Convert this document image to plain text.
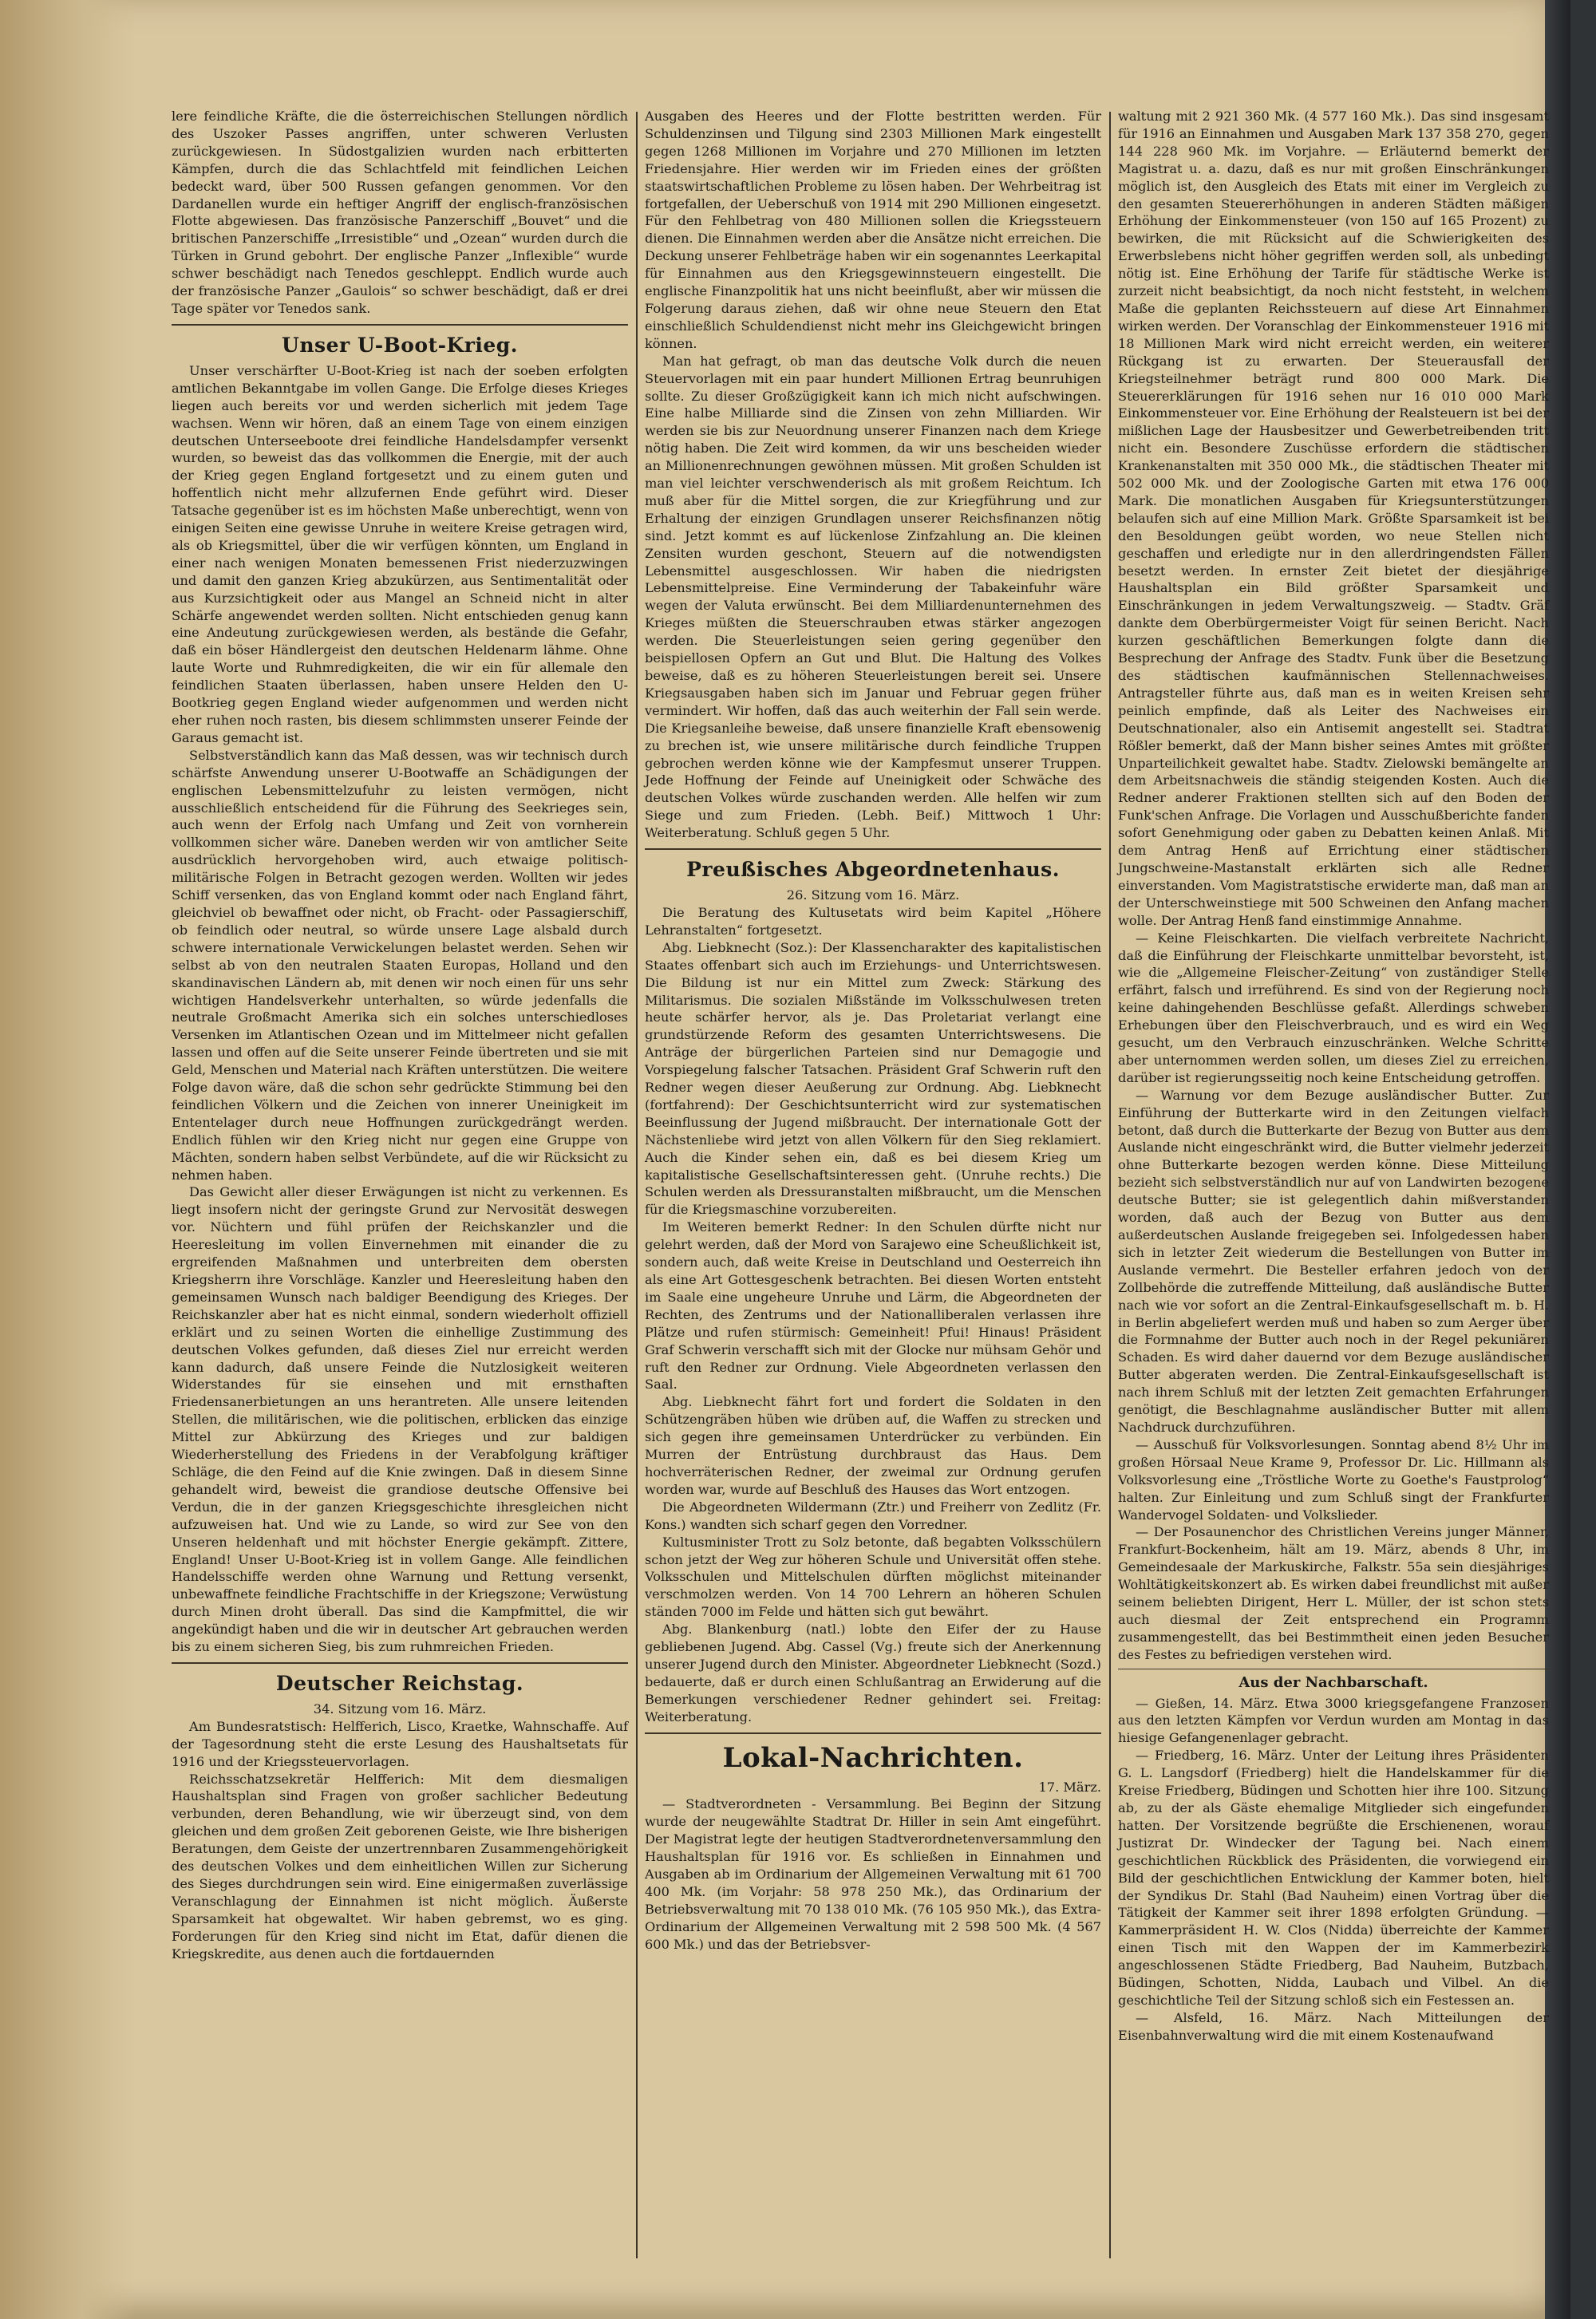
lere feindliche Kräfte, die die österreichischen Stellungen nördlich des Uszoker Passes angriffen, unter schweren Verlusten zurückgewiesen. In Südostgalizien wurden nach erbitterten Kämpfen, durch die das Schlachtfeld mit feindlichen Leichen bedeckt ward, über 500 Russen gefangen genommen. Vor den Dardanellen wurde ein heftiger Angriff der englisch-französischen Flotte abgewiesen. Das französische Panzerschiff „Bouvet“ und die britischen Panzerschiffe „Irresistible“ und „Ozean“ wurden durch die Türken in Grund gebohrt. Der englische Panzer „Inflexible“ wurde schwer beschädigt nach Tenedos geschleppt. Endlich wurde auch der französische Panzer „Gaulois“ so schwer beschädigt, daß er drei Tage später vor Tenedos sank.

Unser U-Boot-Krieg.

Unser verschärfter U-Boot-Krieg ist nach der soeben erfolgten amtlichen Bekanntgabe im vollen Gange. Die Erfolge dieses Krieges liegen auch bereits vor und werden sicherlich mit jedem Tage wachsen. Wenn wir hören, daß an einem Tage von einem einzigen deutschen Unterseeboote drei feindliche Handelsdampfer versenkt wurden, so beweist das das vollkommen die Energie, mit der auch der Krieg gegen England fortgesetzt und zu einem guten und hoffentlich nicht mehr allzufernen Ende geführt wird. Dieser Tatsache gegenüber ist es im höchsten Maße unberechtigt, wenn von einigen Seiten eine gewisse Unruhe in weitere Kreise getragen wird, als ob Kriegsmittel, über die wir verfügen könnten, um England in einer nach wenigen Monaten bemessenen Frist niederzuzwingen und damit den ganzen Krieg abzukürzen, aus Sentimentalität oder aus Kurzsichtigkeit oder aus Mangel an Schneid nicht in alter Schärfe angewendet werden sollten. Nicht entschieden genug kann eine Andeutung zurückgewiesen werden, als bestände die Gefahr, daß ein böser Händlergeist den deutschen Heldenarm lähme. Ohne laute Worte und Ruhmredigkeiten, die wir ein für allemale den feindlichen Staaten überlassen, haben unsere Helden den U-Bootkrieg gegen England wieder aufgenommen und werden nicht eher ruhen noch rasten, bis diesem schlimmsten unserer Feinde der Garaus gemacht ist.

Selbstverständlich kann das Maß dessen, was wir technisch durch schärfste Anwendung unserer U-Bootwaffe an Schädigungen der englischen Lebensmittelzufuhr zu leisten vermögen, nicht ausschließlich entscheidend für die Führung des Seekrieges sein, auch wenn der Erfolg nach Umfang und Zeit von vornherein vollkommen sicher wäre. Daneben werden wir von amtlicher Seite ausdrücklich hervorgehoben wird, auch etwaige politisch-militärische Folgen in Betracht gezogen werden. Wollten wir jedes Schiff versenken, das von England kommt oder nach England fährt, gleichviel ob bewaffnet oder nicht, ob Fracht- oder Passagierschiff, ob feindlich oder neutral, so würde unsere Lage alsbald durch schwere internationale Verwickelungen belastet werden. Sehen wir selbst ab von den neutralen Staaten Europas, Holland und den skandinavischen Ländern ab, mit denen wir noch einen für uns sehr wichtigen Handelsverkehr unterhalten, so würde jedenfalls die neutrale Großmacht Amerika sich ein solches unterschiedloses Versenken im Atlantischen Ozean und im Mittelmeer nicht gefallen lassen und offen auf die Seite unserer Feinde übertreten und sie mit Geld, Menschen und Material nach Kräften unterstützen. Die weitere Folge davon wäre, daß die schon sehr gedrückte Stimmung bei den feindlichen Völkern und die Zeichen von innerer Uneinigkeit im Ententelager durch neue Hoffnungen zurückgedrängt werden. Endlich fühlen wir den Krieg nicht nur gegen eine Gruppe von Mächten, sondern haben selbst Verbündete, auf die wir Rücksicht zu nehmen haben.

Das Gewicht aller dieser Erwägungen ist nicht zu verkennen. Es liegt insofern nicht der geringste Grund zur Nervosität deswegen vor. Nüchtern und fühl prüfen der Reichskanzler und die Heeresleitung im vollen Einvernehmen mit einander die zu ergreifenden Maßnahmen und unterbreiten dem obersten Kriegsherrn ihre Vorschläge. Kanzler und Heeresleitung haben den gemeinsamen Wunsch nach baldiger Beendigung des Krieges. Der Reichskanzler aber hat es nicht einmal, sondern wiederholt offiziell erklärt und zu seinen Worten die einhellige Zustimmung des deutschen Volkes gefunden, daß dieses Ziel nur erreicht werden kann dadurch, daß unsere Feinde die Nutzlosigkeit weiteren Widerstandes für sie einsehen und mit ernsthaften Friedensanerbietungen an uns herantreten. Alle unsere leitenden Stellen, die militärischen, wie die politischen, erblicken das einzige Mittel zur Abkürzung des Krieges und zur baldigen Wiederherstellung des Friedens in der Verabfolgung kräftiger Schläge, die den Feind auf die Knie zwingen. Daß in diesem Sinne gehandelt wird, beweist die grandiose deutsche Offensive bei Verdun, die in der ganzen Kriegsgeschichte ihresgleichen nicht aufzuweisen hat. Und wie zu Lande, so wird zur See von den Unseren heldenhaft und mit höchster Energie gekämpft. Zittere, England! Unser U-Boot-Krieg ist in vollem Gange. Alle feindlichen Handelsschiffe werden ohne Warnung und Rettung versenkt, unbewaffnete feindliche Frachtschiffe in der Kriegszone; Verwüstung durch Minen droht überall. Das sind die Kampfmittel, die wir angekündigt haben und die wir in deutscher Art gebrauchen werden bis zu einem sicheren Sieg, bis zum ruhmreichen Frieden.

Deutscher Reichstag.

34. Sitzung vom 16. März.

Am Bundesratstisch: Helfferich, Lisco, Kraetke, Wahnschaffe. Auf der Tagesordnung steht die erste Lesung des Haushaltsetats für 1916 und der Kriegssteuervorlagen.

Reichsschatzsekretär Helfferich: Mit dem diesmaligen Haushaltsplan sind Fragen von großer sachlicher Bedeutung verbunden, deren Behandlung, wie wir überzeugt sind, von dem gleichen und dem großen Zeit geborenen Geiste, wie Ihre bisherigen Beratungen, dem Geiste der unzertrennbaren Zusammengehörigkeit des deutschen Volkes und dem einheitlichen Willen zur Sicherung des Sieges durchdrungen sein wird. Eine einigermaßen zuverlässige Veranschlagung der Einnahmen ist nicht möglich. Äußerste Sparsamkeit hat obgewaltet. Wir haben gebremst, wo es ging. Forderungen für den Krieg sind nicht im Etat, dafür dienen die Kriegskredite, aus denen auch die fortdauernden

Ausgaben des Heeres und der Flotte bestritten werden. Für Schuldenzinsen und Tilgung sind 2303 Millionen Mark eingestellt gegen 1268 Millionen im Vorjahre und 270 Millionen im letzten Friedensjahre. Hier werden wir im Frieden eines der größten staatswirtschaftlichen Probleme zu lösen haben. Der Wehrbeitrag ist fortgefallen, der Ueberschuß von 1914 mit 290 Millionen eingesetzt. Für den Fehlbetrag von 480 Millionen sollen die Kriegssteuern dienen. Die Einnahmen werden aber die Ansätze nicht erreichen. Die Deckung unserer Fehlbeträge haben wir ein sogenanntes Leerkapital für Einnahmen aus den Kriegsgewinnsteuern eingestellt. Die englische Finanzpolitik hat uns nicht beeinflußt, aber wir müssen die Folgerung daraus ziehen, daß wir ohne neue Steuern den Etat einschließlich Schuldendienst nicht mehr ins Gleichgewicht bringen können.

Man hat gefragt, ob man das deutsche Volk durch die neuen Steuervorlagen mit ein paar hundert Millionen Ertrag beunruhigen sollte. Zu dieser Großzügigkeit kann ich mich nicht aufschwingen. Eine halbe Milliarde sind die Zinsen von zehn Milliarden. Wir werden sie bis zur Neuordnung unserer Finanzen nach dem Kriege nötig haben. Die Zeit wird kommen, da wir uns bescheiden wieder an Millionenrechnungen gewöhnen müssen. Mit großen Schulden ist man viel leichter verschwenderisch als mit großem Reichtum. Ich muß aber für die Mittel sorgen, die zur Kriegführung und zur Erhaltung der einzigen Grundlagen unserer Reichsfinanzen nötig sind. Jetzt kommt es auf lückenlose Zinfzahlung an. Die kleinen Zensiten wurden geschont, Steuern auf die notwendigsten Lebensmittel ausgeschlossen. Wir haben die niedrigsten Lebensmittelpreise. Eine Verminderung der Tabakeinfuhr wäre wegen der Valuta erwünscht. Bei dem Milliardenunternehmen des Krieges müßten die Steuerschrauben etwas stärker angezogen werden. Die Steuerleistungen seien gering gegenüber den beispiellosen Opfern an Gut und Blut. Die Haltung des Volkes beweise, daß es zu höheren Steuerleistungen bereit sei. Unsere Kriegsausgaben haben sich im Januar und Februar gegen früher vermindert. Wir hoffen, daß das auch weiterhin der Fall sein werde. Die Kriegsanleihe beweise, daß unsere finanzielle Kraft ebensowenig zu brechen ist, wie unsere militärische durch feindliche Truppen gebrochen werden könne wie der Kampfesmut unserer Truppen. Jede Hoffnung der Feinde auf Uneinigkeit oder Schwäche des deutschen Volkes würde zuschanden werden. Alle helfen wir zum Siege und zum Frieden. (Lebh. Beif.) Mittwoch 1 Uhr: Weiterberatung. Schluß gegen 5 Uhr.

Preußisches Abgeordnetenhaus.

26. Sitzung vom 16. März.

Die Beratung des Kultusetats wird beim Kapitel „Höhere Lehranstalten“ fortgesetzt.

Abg. Liebknecht (Soz.): Der Klassencharakter des kapitalistischen Staates offenbart sich auch im Erziehungs- und Unterrichtswesen. Die Bildung ist nur ein Mittel zum Zweck: Stärkung des Militarismus. Die sozialen Mißstände im Volksschulwesen treten heute schärfer hervor, als je. Das Proletariat verlangt eine grundstürzende Reform des gesamten Unterrichtswesens. Die Anträge der bürgerlichen Parteien sind nur Demagogie und Vorspiegelung falscher Tatsachen. Präsident Graf Schwerin ruft den Redner wegen dieser Aeußerung zur Ordnung. Abg. Liebknecht (fortfahrend): Der Geschichtsunterricht wird zur systematischen Beeinflussung der Jugend mißbraucht. Der internationale Gott der Nächstenliebe wird jetzt von allen Völkern für den Sieg reklamiert. Auch die Kinder sehen ein, daß es bei diesem Krieg um kapitalistische Gesellschaftsinteressen geht. (Unruhe rechts.) Die Schulen werden als Dressuranstalten mißbraucht, um die Menschen für die Kriegsmaschine vorzubereiten.

Im Weiteren bemerkt Redner: In den Schulen dürfte nicht nur gelehrt werden, daß der Mord von Sarajewo eine Scheußlichkeit ist, sondern auch, daß weite Kreise in Deutschland und Oesterreich ihn als eine Art Gottesgeschenk betrachten. Bei diesen Worten entsteht im Saale eine ungeheure Unruhe und Lärm, die Abgeordneten der Rechten, des Zentrums und der Nationalliberalen verlassen ihre Plätze und rufen stürmisch: Gemeinheit! Pfui! Hinaus! Präsident Graf Schwerin verschafft sich mit der Glocke nur mühsam Gehör und ruft den Redner zur Ordnung. Viele Abgeordneten verlassen den Saal.

Abg. Liebknecht fährt fort und fordert die Soldaten in den Schützengräben hüben wie drüben auf, die Waffen zu strecken und sich gegen ihre gemeinsamen Unterdrücker zu verbünden. Ein Murren der Entrüstung durchbraust das Haus. Dem hochverräterischen Redner, der zweimal zur Ordnung gerufen worden war, wurde auf Beschluß des Hauses das Wort entzogen.

Die Abgeordneten Wildermann (Ztr.) und Freiherr von Zedlitz (Fr. Kons.) wandten sich scharf gegen den Vorredner.

Kultusminister Trott zu Solz betonte, daß begabten Volksschülern schon jetzt der Weg zur höheren Schule und Universität offen stehe. Volksschulen und Mittelschulen dürften möglichst miteinander verschmolzen werden. Von 14 700 Lehrern an höheren Schulen ständen 7000 im Felde und hätten sich gut bewährt.

Abg. Blankenburg (natl.) lobte den Eifer der zu Hause gebliebenen Jugend. Abg. Cassel (Vg.) freute sich der Anerkennung unserer Jugend durch den Minister. Abgeordneter Liebknecht (Sozd.) bedauerte, daß er durch einen Schlußantrag an Erwiderung auf die Bemerkungen verschiedener Redner gehindert sei. Freitag: Weiterberatung.

Lokal-Nachrichten.

17. März.

— Stadtverordneten - Versammlung. Bei Beginn der Sitzung wurde der neugewählte Stadtrat Dr. Hiller in sein Amt eingeführt. Der Magistrat legte der heutigen Stadtverordnetenversammlung den Haushaltsplan für 1916 vor. Es schließen in Einnahmen und Ausgaben ab im Ordinarium der Allgemeinen Verwaltung mit 61 700 400 Mk. (im Vorjahr: 58 978 250 Mk.), das Ordinarium der Betriebsverwaltung mit 70 138 010 Mk. (76 105 950 Mk.), das Extra-Ordinarium der Allgemeinen Verwaltung mit 2 598 500 Mk. (4 567 600 Mk.) und das der Betriebsver-

waltung mit 2 921 360 Mk. (4 577 160 Mk.). Das sind insgesamt für 1916 an Einnahmen und Ausgaben Mark 137 358 270, gegen 144 228 960 Mk. im Vorjahre. — Erläuternd bemerkt der Magistrat u. a. dazu, daß es nur mit großen Einschränkungen möglich ist, den Ausgleich des Etats mit einer im Vergleich zu den gesamten Steuererhöhungen in anderen Städten mäßigen Erhöhung der Einkommensteuer (von 150 auf 165 Prozent) zu bewirken, die mit Rücksicht auf die Schwierigkeiten des Erwerbslebens nicht höher gegriffen werden soll, als unbedingt nötig ist. Eine Erhöhung der Tarife für städtische Werke ist zurzeit nicht beabsichtigt, da noch nicht feststeht, in welchem Maße die geplanten Reichssteuern auf diese Art Einnahmen wirken werden. Der Voranschlag der Einkommensteuer 1916 mit 18 Millionen Mark wird nicht erreicht werden, ein weiterer Rückgang ist zu erwarten. Der Steuerausfall der Kriegsteilnehmer beträgt rund 800 000 Mark. Die Steuererklärungen für 1916 sehen nur 16 010 000 Mark Einkommensteuer vor. Eine Erhöhung der Realsteuern ist bei der mißlichen Lage der Hausbesitzer und Gewerbetreibenden tritt nicht ein. Besondere Zuschüsse erfordern die städtischen Krankenanstalten mit 350 000 Mk., die städtischen Theater mit 502 000 Mk. und der Zoologische Garten mit etwa 176 000 Mark. Die monatlichen Ausgaben für Kriegsunterstützungen belaufen sich auf eine Million Mark. Größte Sparsamkeit ist bei den Besoldungen geübt worden, wo neue Stellen nicht geschaffen und erledigte nur in den allerdringendsten Fällen besetzt werden. In ernster Zeit bietet der diesjährige Haushaltsplan ein Bild größter Sparsamkeit und Einschränkungen in jedem Verwaltungszweig. — Stadtv. Gräf dankte dem Oberbürgermeister Voigt für seinen Bericht. Nach kurzen geschäftlichen Bemerkungen folgte dann die Besprechung der Anfrage des Stadtv. Funk über die Besetzung des städtischen kaufmännischen Stellennachweises. Antragsteller führte aus, daß man es in weiten Kreisen sehr peinlich empfinde, daß als Leiter des Nachweises ein Deutschnationaler, also ein Antisemit angestellt sei. Stadtrat Rößler bemerkt, daß der Mann bisher seines Amtes mit größter Unparteilichkeit gewaltet habe. Stadtv. Zielowski bemängelte an dem Arbeitsnachweis die ständig steigenden Kosten. Auch die Redner anderer Fraktionen stellten sich auf den Boden der Funk'schen Anfrage. Die Vorlagen und Ausschußberichte fanden sofort Genehmigung oder gaben zu Debatten keinen Anlaß. Mit dem Antrag Henß auf Errichtung einer städtischen Jungschweine-Mastanstalt erklärten sich alle Redner einverstanden. Vom Magistratstische erwiderte man, daß man an der Unterschweinstiege mit 500 Schweinen den Anfang machen wolle. Der Antrag Henß fand einstimmige Annahme.

— Keine Fleischkarten. Die vielfach verbreitete Nachricht, daß die Einführung der Fleischkarte unmittelbar bevorsteht, ist, wie die „Allgemeine Fleischer-Zeitung“ von zuständiger Stelle erfährt, falsch und irreführend. Es sind von der Regierung noch keine dahingehenden Beschlüsse gefaßt. Allerdings schweben Erhebungen über den Fleischverbrauch, und es wird ein Weg gesucht, um den Verbrauch einzuschränken. Welche Schritte aber unternommen werden sollen, um dieses Ziel zu erreichen, darüber ist regierungsseitig noch keine Entscheidung getroffen.

— Warnung vor dem Bezuge ausländischer Butter. Zur Einführung der Butterkarte wird in den Zeitungen vielfach betont, daß durch die Butterkarte der Bezug von Butter aus dem Auslande nicht eingeschränkt wird, die Butter vielmehr jederzeit ohne Butterkarte bezogen werden könne. Diese Mitteilung bezieht sich selbstverständlich nur auf von Landwirten bezogene deutsche Butter; sie ist gelegentlich dahin mißverstanden worden, daß auch der Bezug von Butter aus dem außerdeutschen Auslande freigegeben sei. Infolgedessen haben sich in letzter Zeit wiederum die Bestellungen von Butter im Auslande vermehrt. Die Besteller erfahren jedoch von der Zollbehörde die zutreffende Mitteilung, daß ausländische Butter nach wie vor sofort an die Zentral-Einkaufsgesellschaft m. b. H. in Berlin abgeliefert werden muß und haben so zum Aerger über die Formnahme der Butter auch noch in der Regel pekuniären Schaden. Es wird daher dauernd vor dem Bezuge ausländischer Butter abgeraten werden. Die Zentral-Einkaufsgesellschaft ist nach ihrem Schluß mit der letzten Zeit gemachten Erfahrungen genötigt, die Beschlagnahme ausländischer Butter mit allem Nachdruck durchzuführen.

— Ausschuß für Volksvorlesungen. Sonntag abend 8½ Uhr im großen Hörsaal Neue Krame 9, Professor Dr. Lic. Hillmann als Volksvorlesung eine „Tröstliche Worte zu Goethe's Faustprolog“ halten. Zur Einleitung und zum Schluß singt der Frankfurter Wandervogel Soldaten- und Volkslieder.

— Der Posaunenchor des Christlichen Vereins junger Männer, Frankfurt-Bockenheim, hält am 19. März, abends 8 Uhr, im Gemeindesaale der Markuskirche, Falkstr. 55a sein diesjähriges Wohltätigkeitskonzert ab. Es wirken dabei freundlichst mit außer seinem beliebten Dirigent, Herr L. Müller, der ist schon stets auch diesmal der Zeit entsprechend ein Programm zusammengestellt, das bei Bestimmtheit einen jeden Besucher des Festes zu befriedigen verstehen wird.

Aus der Nachbarschaft.

— Gießen, 14. März. Etwa 3000 kriegsgefangene Franzosen aus den letzten Kämpfen vor Verdun wurden am Montag in das hiesige Gefangenenlager gebracht.

— Friedberg, 16. März. Unter der Leitung ihres Präsidenten G. L. Langsdorf (Friedberg) hielt die Handelskammer für die Kreise Friedberg, Büdingen und Schotten hier ihre 100. Sitzung ab, zu der als Gäste ehemalige Mitglieder sich eingefunden hatten. Der Vorsitzende begrüßte die Erschienenen, worauf Justizrat Dr. Windecker der Tagung bei. Nach einem geschichtlichen Rückblick des Präsidenten, die vorwiegend ein Bild der geschichtlichen Entwicklung der Kammer boten, hielt der Syndikus Dr. Stahl (Bad Nauheim) einen Vortrag über die Tätigkeit der Kammer seit ihrer 1898 erfolgten Gründung. — Kammerpräsident H. W. Clos (Nidda) überreichte der Kammer einen Tisch mit den Wappen der im Kammerbezirk angeschlossenen Städte Friedberg, Bad Nauheim, Butzbach, Büdingen, Schotten, Nidda, Laubach und Vilbel. An die geschichtliche Teil der Sitzung schloß sich ein Festessen an.

— Alsfeld, 16. März. Nach Mitteilungen der Eisenbahnverwaltung wird die mit einem Kostenaufwand
